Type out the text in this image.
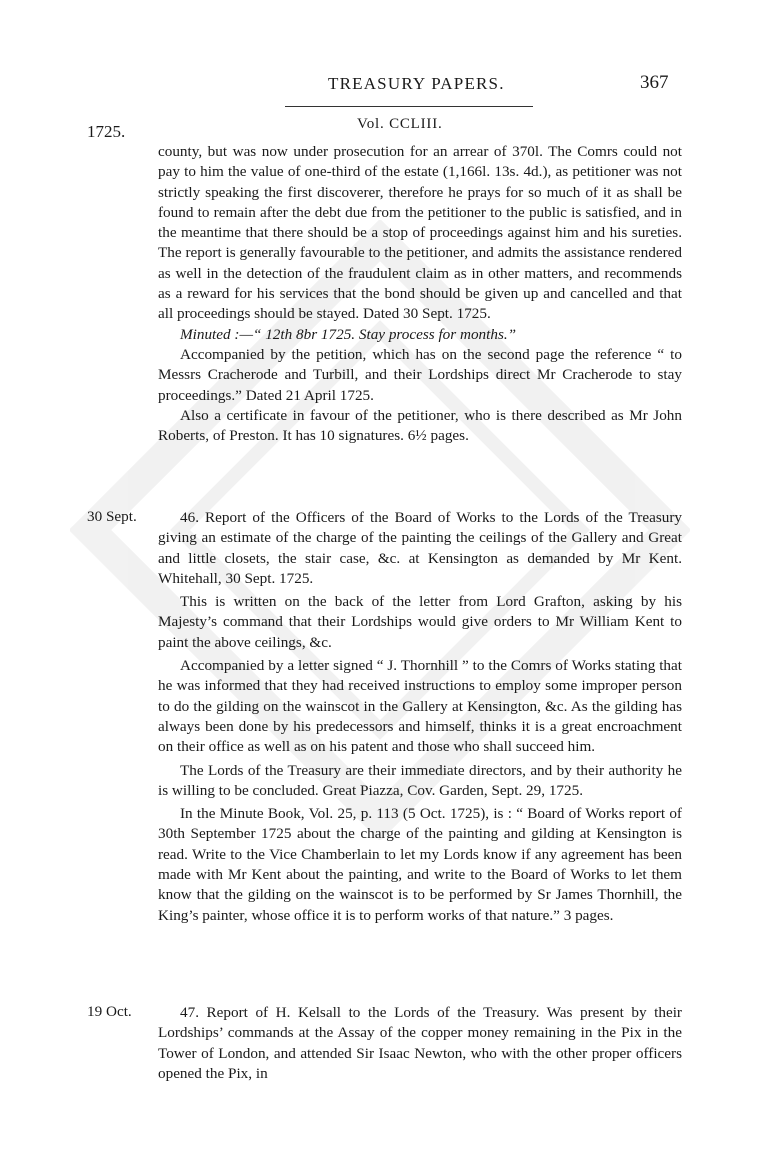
TREASURY PAPERS.	367
1725.	Vol. CCLIII.

county, but was now under prosecution for an arrear of 370l. The Comrs could not pay to him the value of one-third of the estate (1,166l. 13s. 4d.), as petitioner was not strictly speaking the first discoverer, therefore he prays for so much of it as shall be found to remain after the debt due from the petitioner to the public is satisfied, and in the meantime that there should be a stop of proceedings against him and his sureties. The report is generally favourable to the petitioner, and admits the assistance rendered as well in the detection of the fraudulent claim as in other matters, and recommends as a reward for his services that the bond should be given up and cancelled and that all proceedings should be stayed. Dated 30 Sept. 1725.

Minuted :—“ 12th 8br 1725. Stay process for months.”

Accompanied by the petition, which has on the second page the reference “ to Messrs Cracherode and Turbill, and their Lordships direct Mr Cracherode to stay proceedings.” Dated 21 April 1725.

Also a certificate in favour of the petitioner, who is there described as Mr John Roberts, of Preston. It has 10 signatures. 6½ pages.

30 Sept.	46. Report of the Officers of the Board of Works to the Lords of the Treasury giving an estimate of the charge of the painting the ceilings of the Gallery and Great and little closets, the stair case, &c. at Kensington as demanded by Mr Kent. Whitehall, 30 Sept. 1725.

This is written on the back of the letter from Lord Grafton, asking by his Majesty’s command that their Lordships would give orders to Mr William Kent to paint the above ceilings, &c.

Accompanied by a letter signed “ J. Thornhill ” to the Comrs of Works stating that he was informed that they had received instructions to employ some improper person to do the gilding on the wainscot in the Gallery at Kensington, &c. As the gilding has always been done by his predecessors and himself, thinks it is a great encroachment on their office as well as on his patent and those who shall succeed him.

The Lords of the Treasury are their immediate directors, and by their authority he is willing to be concluded. Great Piazza, Cov. Garden, Sept. 29, 1725.

In the Minute Book, Vol. 25, p. 113 (5 Oct. 1725), is : “ Board of Works report of 30th September 1725 about the charge of the painting and gilding at Kensington is read. Write to the Vice Chamberlain to let my Lords know if any agreement has been made with Mr Kent about the painting, and write to the Board of Works to let them know that the gilding on the wainscot is to be performed by Sr James Thornhill, the King’s painter, whose office it is to perform works of that nature.” 3 pages.

19 Oct.	47. Report of H. Kelsall to the Lords of the Treasury. Was present by their Lordships’ commands at the Assay of the copper money remaining in the Pix in the Tower of London, and attended Sir Isaac Newton, who with the other proper officers opened the Pix, in
